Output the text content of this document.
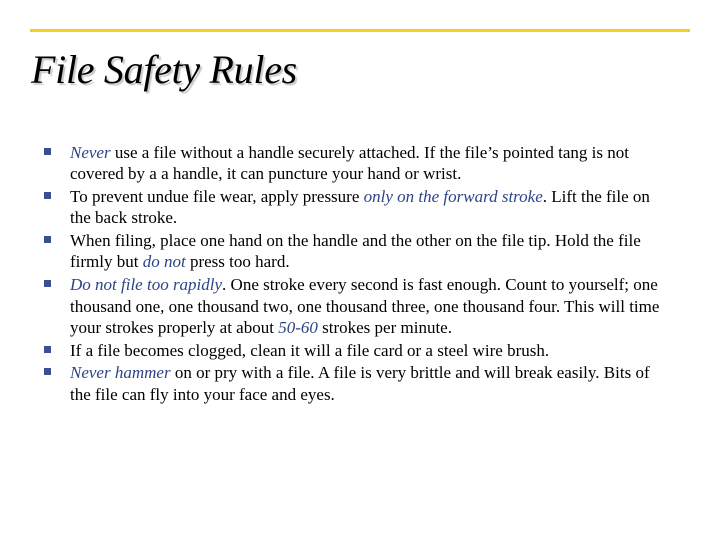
File Safety Rules
Never use a file without a handle securely attached. If the file’s pointed tang is not covered by a a handle, it can puncture your hand or wrist.
To prevent undue file wear, apply pressure only on the forward stroke. Lift the file on the back stroke.
When filing, place one hand on the handle and the other on the file tip. Hold the file firmly but do not press too hard.
Do not file too rapidly. One stroke every second is fast enough. Count to yourself; one thousand one, one thousand two, one thousand three, one thousand four. This will time your strokes properly at about 50-60 strokes per minute.
If a file becomes clogged, clean it will a file card or a steel wire brush.
Never hammer on or pry with a file. A file is very brittle and will break easily. Bits of the file can fly into your face and eyes.
